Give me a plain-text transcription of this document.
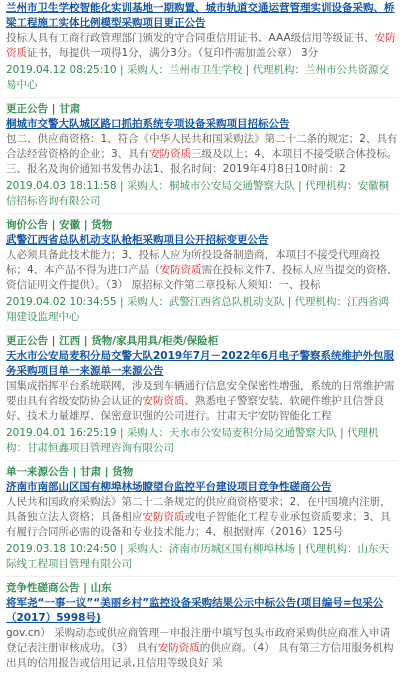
兰州市卫生学校智能化实训基地一期购置、城市轨道交通运营管理实训设备采购、桥梁工程施工实体比例模型采购项目更正公告
投标人具有工商行政管理部门颁发的守合同重信用证书、AAA级信用等级证书、安防资质证书，每提供一项得1分，满分3分。（复印件需加盖公章） 3分
2019.04.12 08:25:10 | 采购人：兰州市卫生学校 | 代理机构：兰州市公共资源交易中心
更正公告 | 甘肃
桐城市交警大队城区路口抓拍系统专项设备采购项目招标公告
包二、供应商资格：1、符合《中华人民共和国采购法》第二十二条的规定；2、具有合法经营资格的企业；3、具有安防资质三级及以上；4、本项目不接受联合体投标。三、报名及询价通知书发售办法1、报名时间：2019年4月8日10时前：2
2019.04.03 18:11:58 | 采购人：桐城市公安局交通警察大队 | 代理机构：安徽桐信招标咨询有限公司
询价公告 | 安徽 | 货物
武警江西省总队机动支队枪柜采购项目公开招标变更公告
人必须具备此技术能力；3、投标人应为所投设备制造商，本项目不接受代理商投标；4、本产品不得为进口产品（安防资质需在投标文件7、投标人应当提交的资格、资信证明文件提供）。（3） 原招标文件第二章投标人须知：一、投标
2019.04.02 10:34:55 | 采购人：武警江西省总队机动支队 | 代理机构：江西省鸿翔建设监理中心
更正公告 | 江西 | 货物/家具用具/柜类/保险柜
天水市公安局麦积分局交警大队2019年7月－2022年6月电子警察系统维护外包服务采购项目单一来源单一来源公告
国集成指挥平台系统联网，涉及到车辆通行信息安全保密性增强，系统的日常维护需要由具有省级安防协会认证的安防资质、熟悉电子警察安装、软硬件维护且信誉良好、技术力量雄厚、保密意识强的公司进行。甘肃天宇安防智能化工程
2019.04.01 16:25:19 | 采购人：天水市公安局麦积分局交通警察大队 | 代理机构：甘肃恒鑫项目管理咨询有限公司
单一来源公告 | 甘肃 | 货物
济南市南部山区国有柳埠林场瞭望台监控平台建设项目竞争性磋商公告
人民共和国政府采购法》第二十二条规定的供应商资格要求；2、在中国境内注册，具备独立法人资格；具备相应安防资质或电子智能化工程专业承包资质要求；3、具有履行合同所必需的设备和专业技术能力；4、根据财库（2016）125号
2019.03.18 10:24:50 | 采购人：济南市历城区国有柳埠林场 | 代理机构：山东天际线工程项目管理有限公司
竞争性磋商公告 | 山东
将军尧“一事一议”“美丽乡村”监控设备采购结果公示中标公告(项目编号=包采公（2017）5998号)
gov.cn） 采购动态或供应商管理－申报注册中填写包头市政府采购供应商准入申请登记表注册审核成功。（3） 具有安防资质的供应商。（4） 具有第三方信用服务机构出具的信用报告或信用记录,且信用等级良好 采
